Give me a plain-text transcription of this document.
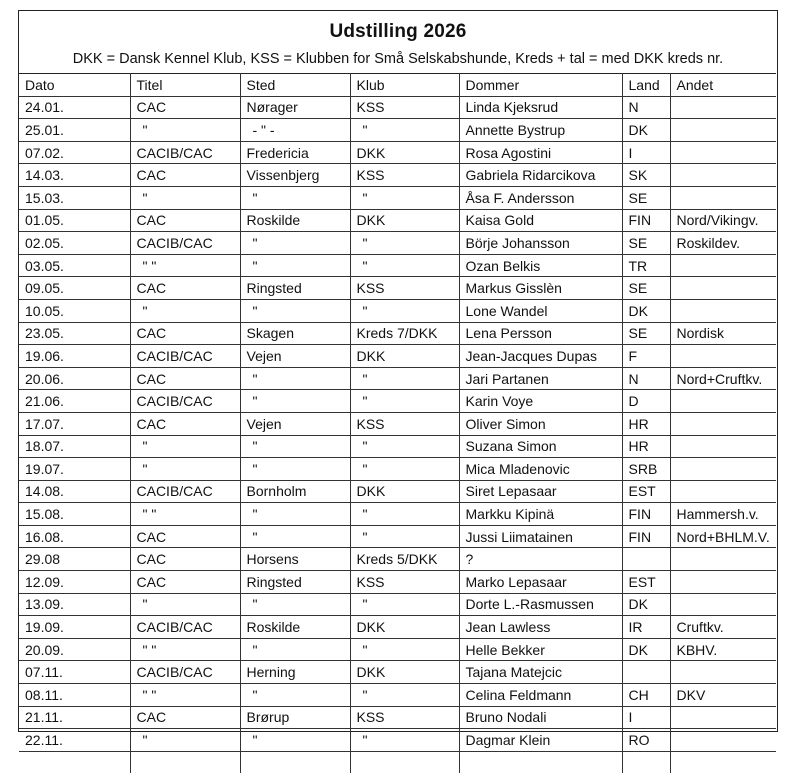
Udstilling 2026
DKK = Dansk Kennel Klub, KSS = Klubben for Små Selskabshunde, Kreds + tal = med DKK kreds nr.
Dato	Titel	Sted	Klub	Dommer	Land	Andet
24.01.	CAC	Nørager	KSS	Linda Kjeksrud	N	
25.01.	"	- " -	"	Annette Bystrup	DK	
07.02.	CACIB/CAC	Fredericia	DKK	Rosa Agostini	I	
14.03.	CAC	Vissenbjerg	KSS	Gabriela Ridarcikova	SK	
15.03.	"	"	"	Åsa F. Andersson	SE	
01.05.	CAC	Roskilde	DKK	Kaisa Gold	FIN	Nord/Vikingv.
02.05.	CACIB/CAC	"	"	Börje Johansson	SE	Roskildev.
03.05.	" "	"	"	Ozan Belkis	TR	
09.05.	CAC	Ringsted	KSS	Markus Gisslèn	SE	
10.05.	"	"	"	Lone Wandel	DK	
23.05.	CAC	Skagen	Kreds 7/DKK	Lena Persson	SE	Nordisk
19.06.	CACIB/CAC	Vejen	DKK	Jean-Jacques Dupas	F	
20.06.	CAC	"	"	Jari Partanen	N	Nord+Cruftkv.
21.06.	CACIB/CAC	"	"	Karin Voye	D	
17.07.	CAC	Vejen	KSS	Oliver Simon	HR	
18.07.	"	"	"	Suzana Simon	HR	
19.07.	"	"	"	Mica Mladenovic	SRB	
14.08.	CACIB/CAC	Bornholm	DKK	Siret Lepasaar	EST	
15.08.	" "	"	"	Markku Kipinä	FIN	Hammersh.v.
16.08.	CAC	"	"	Jussi Liimatainen	FIN	Nord+BHLM.V.
29.08	CAC	Horsens	Kreds 5/DKK	?		
12.09.	CAC	Ringsted	KSS	Marko Lepasaar	EST	
13.09.	"	"	"	Dorte L.-Rasmussen	DK	
19.09.	CACIB/CAC	Roskilde	DKK	Jean Lawless	IR	Cruftkv.
20.09.	" "	"	"	Helle Bekker	DK	KBHV.
07.11.	CACIB/CAC	Herning	DKK	Tajana Matejcic		
08.11.	" "	"	"	Celina Feldmann	CH	DKV
21.11.	CAC	Brørup	KSS	Bruno Nodali	I	
22.11.	"	"	"	Dagmar Klein	RO	
